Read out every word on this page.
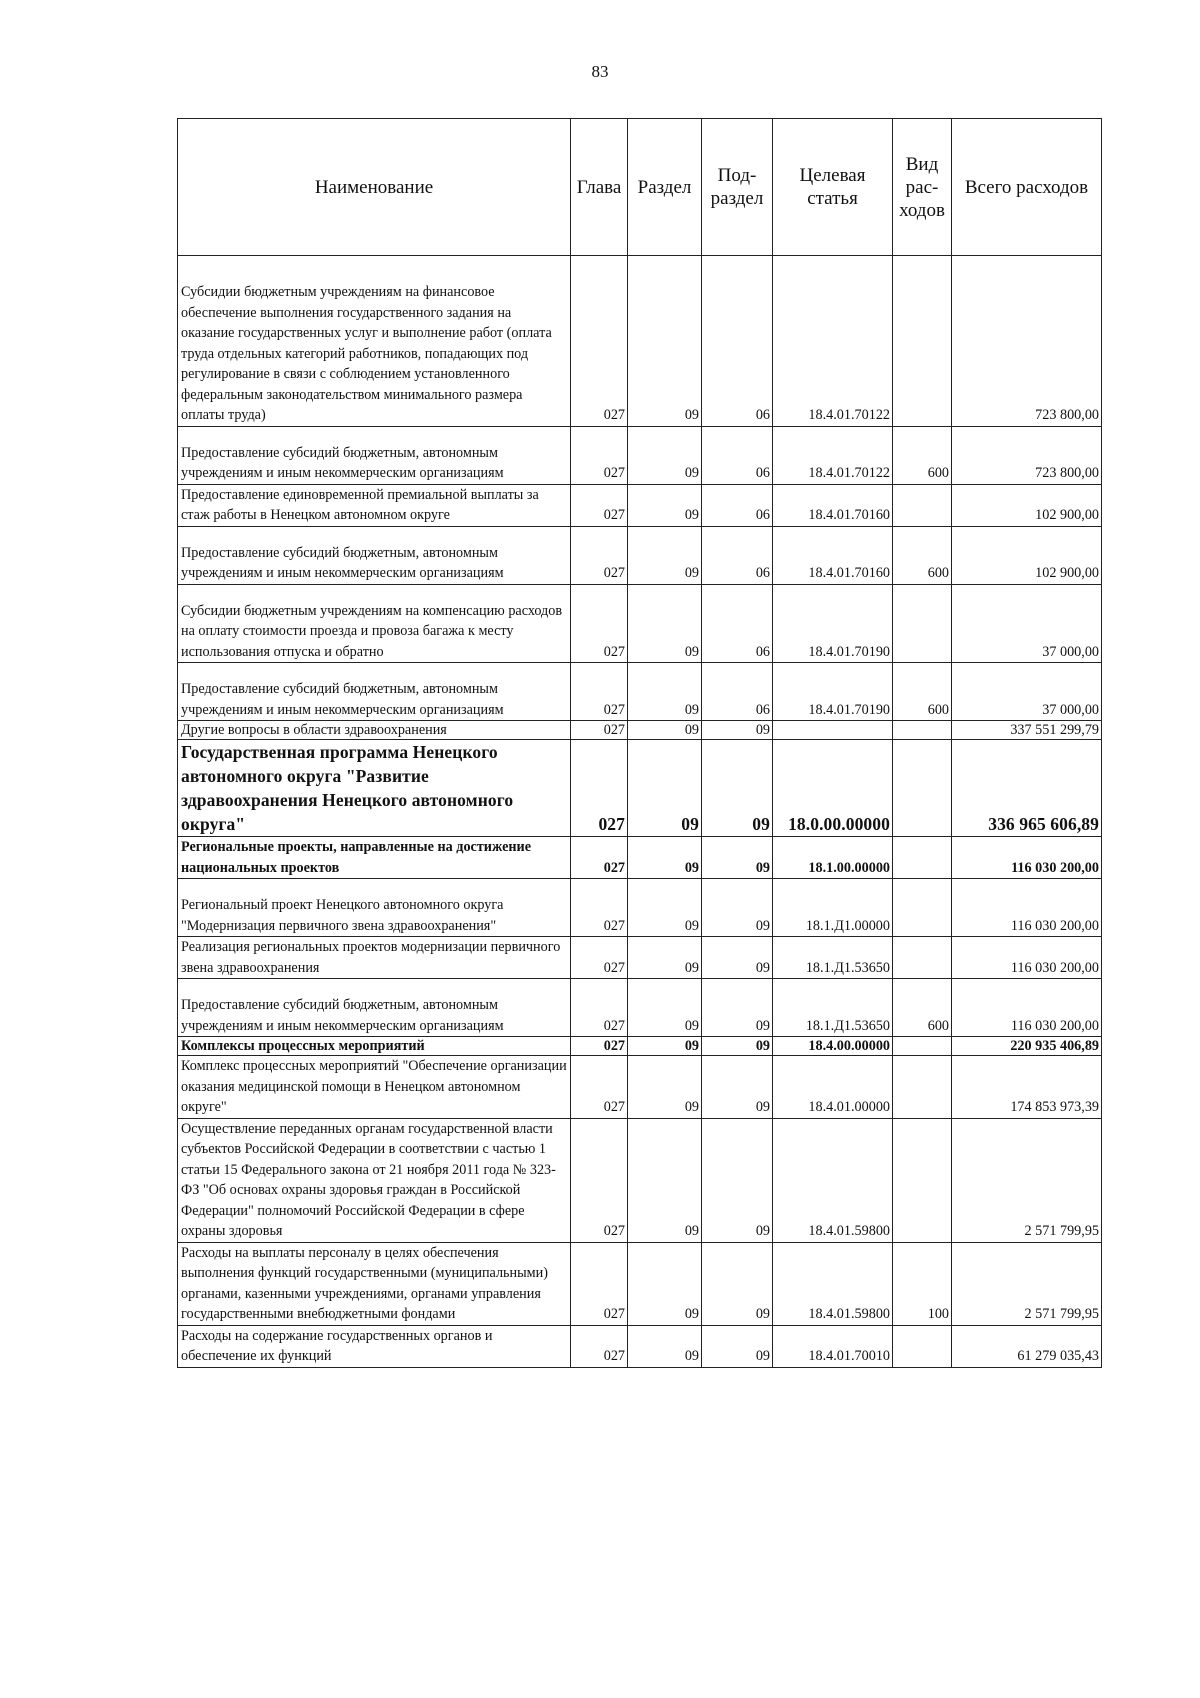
83
Наименование	Глава	Раздел	Под-раздел	Целевая статья	Вид рас-ходов	Всего расходов
Субсидии бюджетным учреждениям на финансовое обеспечение выполнения государственного задания на оказание государственных услуг и выполнение работ (оплата труда отдельных категорий работников, попадающих под регулирование в связи с соблюдением установленного федеральным законодательством минимального размера оплаты труда)	027	09	06	18.4.01.70122		723 800,00
Предоставление субсидий бюджетным, автономным учреждениям и иным некоммерческим организациям	027	09	06	18.4.01.70122	600	723 800,00
Предоставление единовременной премиальной выплаты за стаж работы в Ненецком автономном округе	027	09	06	18.4.01.70160		102 900,00
Предоставление субсидий бюджетным, автономным учреждениям и иным некоммерческим организациям	027	09	06	18.4.01.70160	600	102 900,00
Субсидии бюджетным учреждениям на компенсацию расходов на оплату стоимости проезда и провоза багажа к месту использования отпуска и обратно	027	09	06	18.4.01.70190		37 000,00
Предоставление субсидий бюджетным, автономным учреждениям и иным некоммерческим организациям	027	09	06	18.4.01.70190	600	37 000,00
Другие вопросы в области здравоохранения	027	09	09			337 551 299,79
Государственная программа Ненецкого автономного округа "Развитие здравоохранения Ненецкого автономного округа"	027	09	09	18.0.00.00000		336 965 606,89
Региональные проекты, направленные на достижение национальных проектов	027	09	09	18.1.00.00000		116 030 200,00
Региональный проект Ненецкого автономного округа "Модернизация первичного звена здравоохранения"	027	09	09	18.1.Д1.00000		116 030 200,00
Реализация региональных проектов модернизации первичного звена здравоохранения	027	09	09	18.1.Д1.53650		116 030 200,00
Предоставление субсидий бюджетным, автономным учреждениям и иным некоммерческим организациям	027	09	09	18.1.Д1.53650	600	116 030 200,00
Комплексы процессных мероприятий	027	09	09	18.4.00.00000		220 935 406,89
Комплекс процессных мероприятий "Обеспечение организации оказания медицинской помощи в Ненецком автономном округе"	027	09	09	18.4.01.00000		174 853 973,39
Осуществление переданных органам государственной власти субъектов Российской Федерации в соответствии с частью 1 статьи 15 Федерального закона от 21 ноября 2011 года № 323-ФЗ "Об основах охраны здоровья граждан в Российской Федерации" полномочий Российской Федерации в сфере охраны здоровья	027	09	09	18.4.01.59800		2 571 799,95
Расходы на выплаты персоналу в целях обеспечения выполнения функций государственными (муниципальными) органами, казенными учреждениями, органами управления государственными внебюджетными фондами	027	09	09	18.4.01.59800	100	2 571 799,95
Расходы на содержание государственных органов и обеспечение их функций	027	09	09	18.4.01.70010		61 279 035,43
